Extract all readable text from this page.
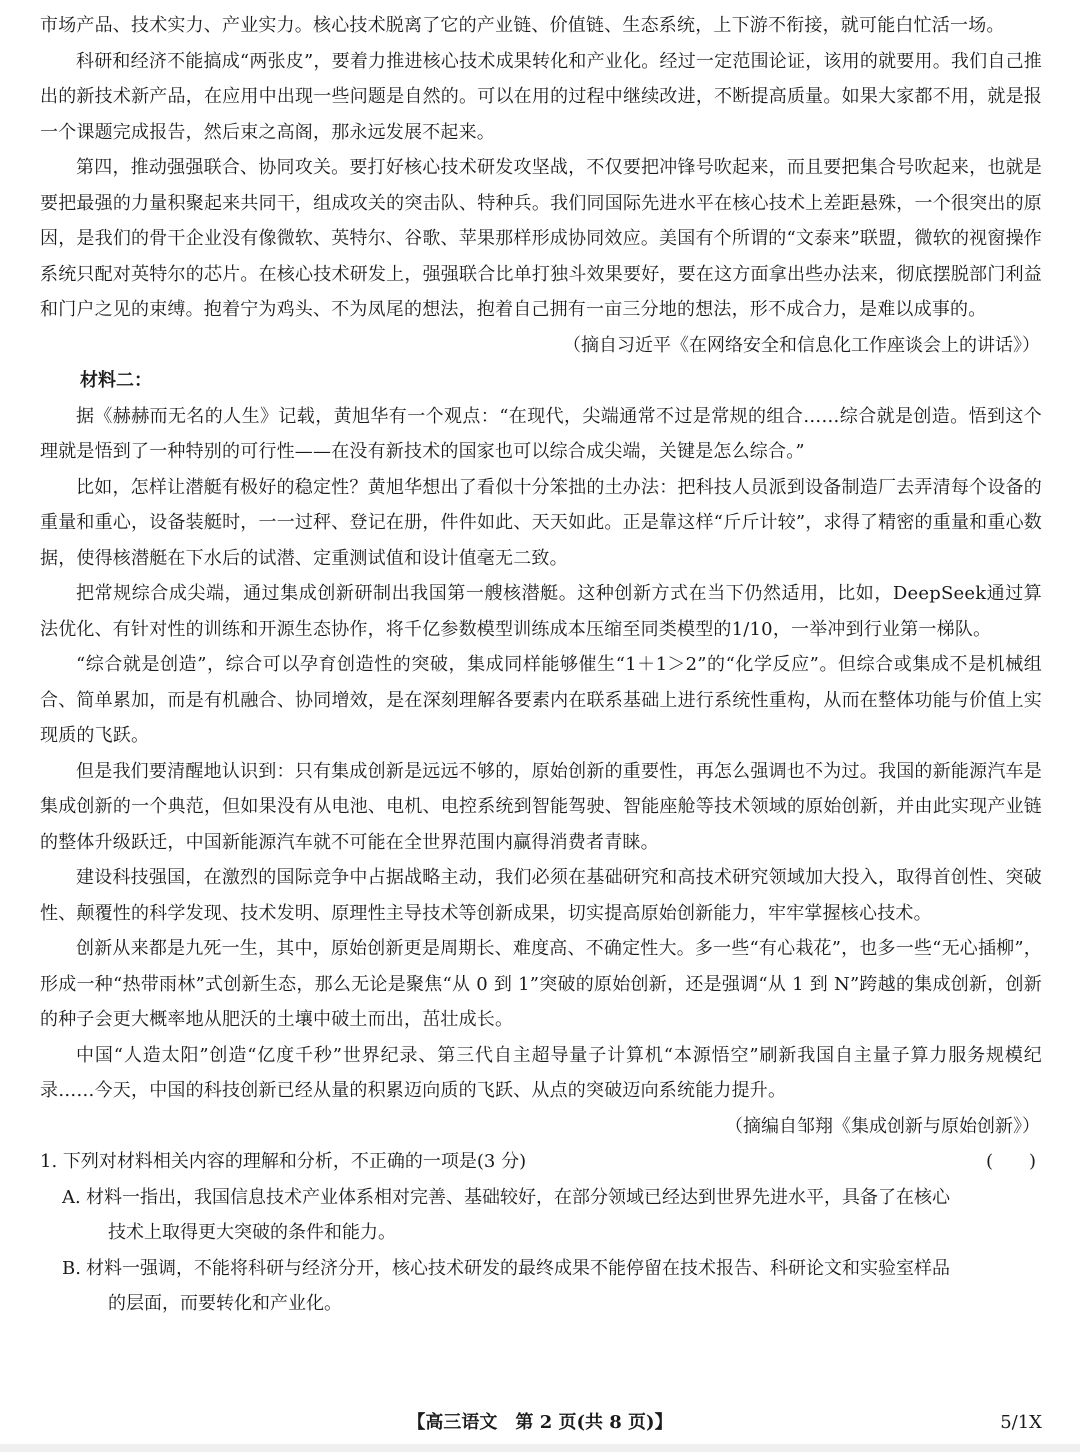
市场产品、技术实力、产业实力。核心技术脱离了它的产业链、价值链、生态系统，上下游不衔接，就可能白忙活一场。

科研和经济不能搞成“两张皮”，要着力推进核心技术成果转化和产业化。经过一定范围论证，该用的就要用。我们自己推出的新技术新产品，在应用中出现一些问题是自然的。可以在用的过程中继续改进，不断提高质量。如果大家都不用，就是报一个课题完成报告，然后束之高阁，那永远发展不起来。

第四，推动强强联合、协同攻关。要打好核心技术研发攻坚战，不仅要把冲锋号吹起来，而且要把集合号吹起来，也就是要把最强的力量积聚起来共同干，组成攻关的突击队、特种兵。我们同国际先进水平在核心技术上差距悬殊，一个很突出的原因，是我们的骨干企业没有像微软、英特尔、谷歌、苹果那样形成协同效应。美国有个所谓的“文泰来”联盟，微软的视窗操作系统只配对英特尔的芯片。在核心技术研发上，强强联合比单打独斗效果要好，要在这方面拿出些办法来，彻底摆脱部门利益和门户之见的束缚。抱着宁为鸡头、不为凤尾的想法，抱着自己拥有一亩三分地的想法，形不成合力，是难以成事的。

（摘自习近平《在网络安全和信息化工作座谈会上的讲话》）

材料二：

据《赫赫而无名的人生》记载，黄旭华有一个观点：“在现代，尖端通常不过是常规的组合……综合就是创造。悟到这个理就是悟到了一种特别的可行性——在没有新技术的国家也可以综合成尖端，关键是怎么综合。”

比如，怎样让潜艇有极好的稳定性？黄旭华想出了看似十分笨拙的土办法：把科技人员派到设备制造厂去弄清每个设备的重量和重心，设备装艇时，一一过秤、登记在册，件件如此、天天如此。正是靠这样“斤斤计较”，求得了精密的重量和重心数据，使得核潜艇在下水后的试潜、定重测试值和设计值毫无二致。

把常规综合成尖端，通过集成创新研制出我国第一艘核潜艇。这种创新方式在当下仍然适用，比如，DeepSeek通过算法优化、有针对性的训练和开源生态协作，将千亿参数模型训练成本压缩至同类模型的1/10，一举冲到行业第一梯队。

“综合就是创造”，综合可以孕育创造性的突破，集成同样能够催生“1＋1＞2”的“化学反应”。但综合或集成不是机械组合、简单累加，而是有机融合、协同增效，是在深刻理解各要素内在联系基础上进行系统性重构，从而在整体功能与价值上实现质的飞跃。

但是我们要清醒地认识到：只有集成创新是远远不够的，原始创新的重要性，再怎么强调也不为过。我国的新能源汽车是集成创新的一个典范，但如果没有从电池、电机、电控系统到智能驾驶、智能座舱等技术领域的原始创新，并由此实现产业链的整体升级跃迁，中国新能源汽车就不可能在全世界范围内赢得消费者青睐。

建设科技强国，在激烈的国际竞争中占据战略主动，我们必须在基础研究和高技术研究领域加大投入，取得首创性、突破性、颠覆性的科学发现、技术发明、原理性主导技术等创新成果，切实提高原始创新能力，牢牢掌握核心技术。

创新从来都是九死一生，其中，原始创新更是周期长、难度高、不确定性大。多一些“有心栽花”，也多一些“无心插柳”，形成一种“热带雨林”式创新生态，那么无论是聚焦“从 0 到 1”突破的原始创新，还是强调“从 1 到 N”跨越的集成创新，创新的种子会更大概率地从肥沃的土壤中破土而出，茁壮成长。

中国“人造太阳”创造“亿度千秒”世界纪录、第三代自主超导量子计算机“本源悟空”刷新我国自主量子算力服务规模纪录……今天，中国的科技创新已经从量的积累迈向质的飞跃、从点的突破迈向系统能力提升。

（摘编自邹翔《集成创新与原始创新》）

1. 下列对材料相关内容的理解和分析，不正确的一项是(3 分)	(　　)
A. 材料一指出，我国信息技术产业体系相对完善、基础较好，在部分领域已经达到世界先进水平，具备了在核心
技术上取得更大突破的条件和能力。
B. 材料一强调，不能将科研与经济分开，核心技术研发的最终成果不能停留在技术报告、科研论文和实验室样品
的层面，而要转化和产业化。
【高三语文　第 2 页(共 8 页)】	5/1X
